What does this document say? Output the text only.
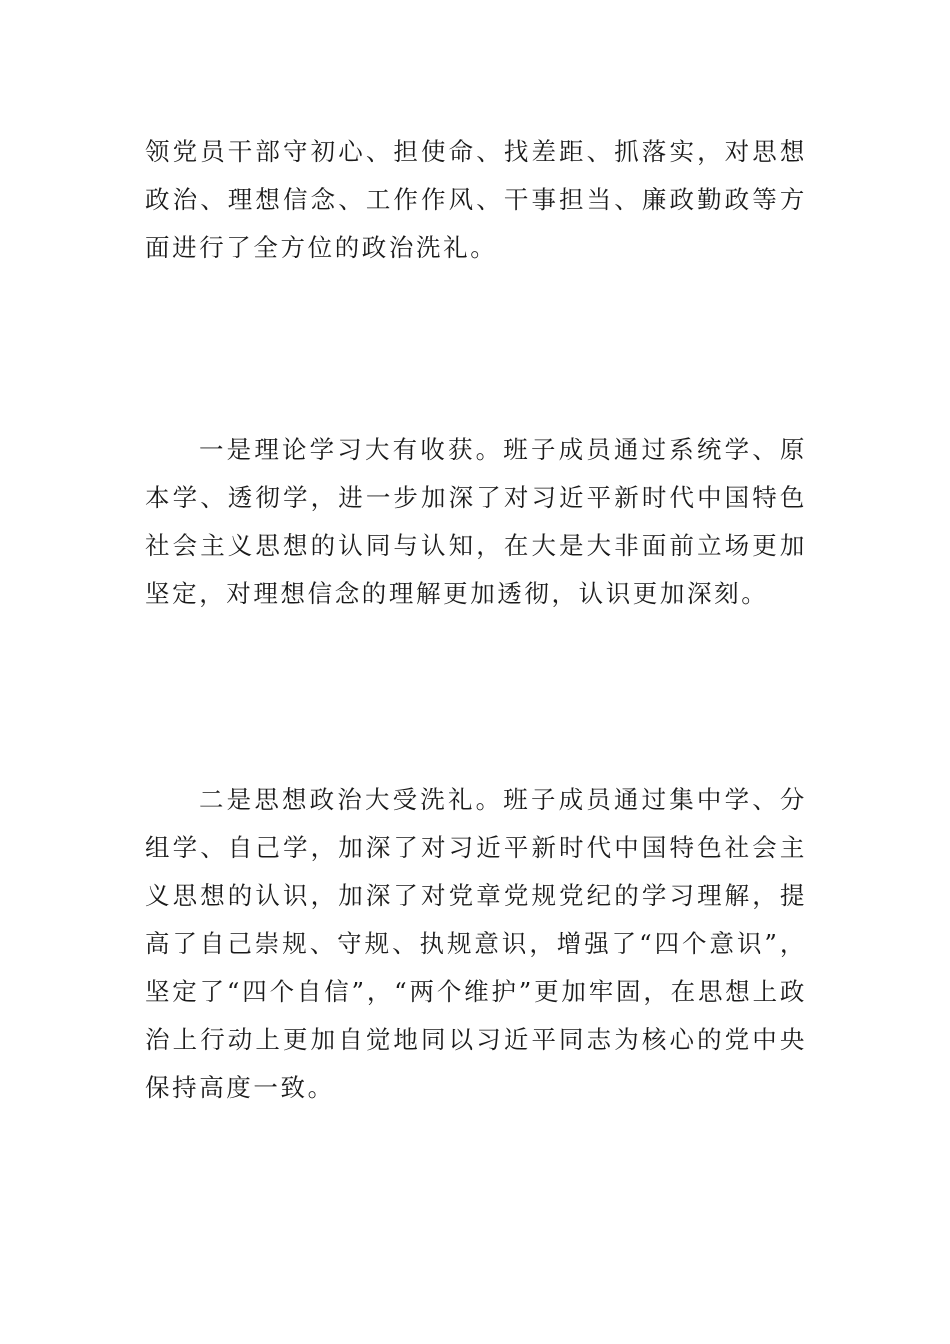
领党员干部守初心、担使命、找差距、抓落实，对思想政治、理想信念、工作作风、干事担当、廉政勤政等方面进行了全方位的政治洗礼。

一是理论学习大有收获。班子成员通过系统学、原本学、透彻学，进一步加深了对习近平新时代中国特色社会主义思想的认同与认知，在大是大非面前立场更加坚定，对理想信念的理解更加透彻，认识更加深刻。

二是思想政治大受洗礼。班子成员通过集中学、分组学、自己学，加深了对习近平新时代中国特色社会主义思想的认识，加深了对党章党规党纪的学习理解，提高了自己崇规、守规、执规意识，增强了“四个意识”，坚定了“四个自信”，“两个维护”更加牢固，在思想上政治上行动上更加自觉地同以习近平同志为核心的党中央保持高度一致。
